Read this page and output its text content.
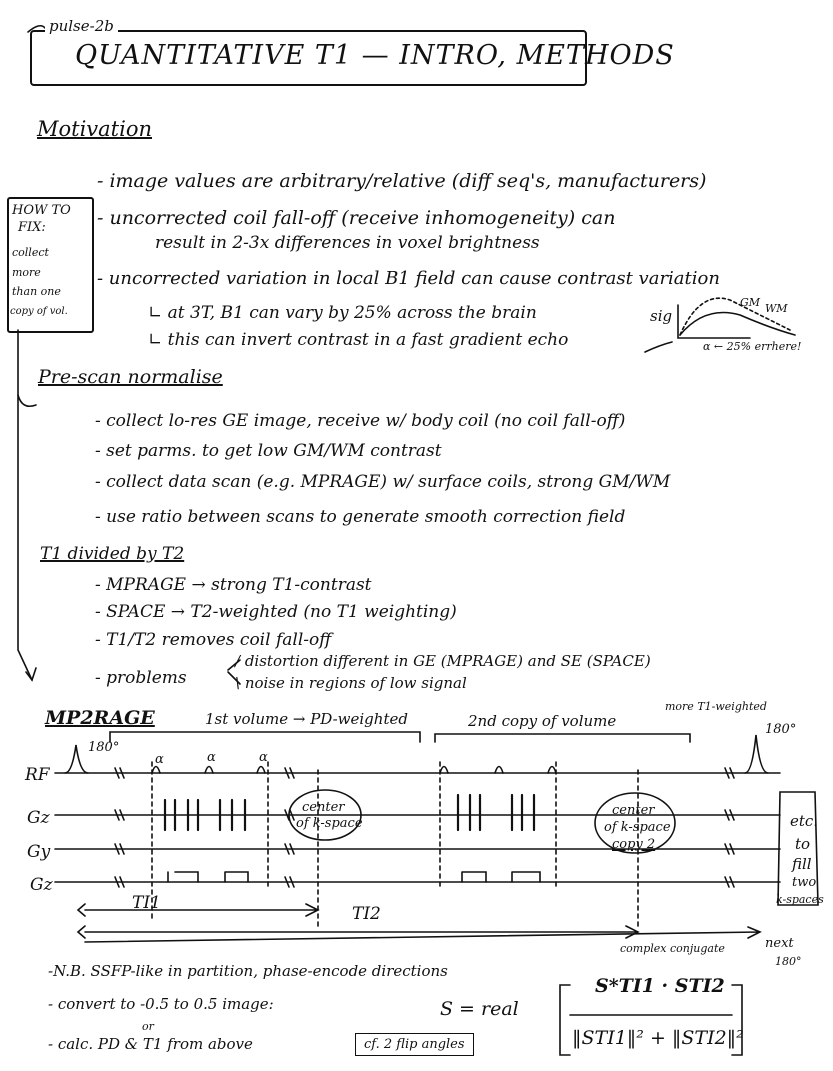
pulse-2b
QUANTITATIVE T1 — INTRO, METHODS
Motivation
- image values are arbitrary/relative (diff seq's, manufacturers)
- uncorrected coil fall-off (receive inhomogeneity) can
result in 2-3x differences in voxel brightness
- uncorrected variation in local B1 field can cause contrast variation
∟ at 3T, B1 can vary by 25% across the brain
∟ this can invert contrast in a fast gradient echo
sig
GM WM
α ← 25% errhere!
HOW TO
FIX:
collect
more
than one
copy of vol.
Pre-scan normalise
- collect lo-res GE image, receive w/ body coil (no coil fall-off)
- set parms. to get low GM/WM contrast
- collect data scan (e.g. MPRAGE) w/ surface coils, strong GM/WM
- use ratio between scans to generate smooth correction field
T1 divided by T2
- MPRAGE → strong T1-contrast
- SPACE → T2-weighted (no T1 weighting)
- T1/T2 removes coil fall-off
- problems
/ distortion different in GE (MPRAGE) and SE (SPACE)
\ noise in regions of low signal
MP2RAGE	1st volume → PD-weighted	2nd copy of volume
more T1-weighted
180°
180°
α	α	α
RF
Gz
Gy
Gz
center
of k-space
center
of k-space
copy 2
etc.
to
fill
two
k-spaces
TI1
TI2
next
180°
-N.B. SSFP-like in partition, phase-encode directions
- convert to -0.5 to 0.5 image:
- calc. PD & T1 from above
or
cf. 2 flip angles
S = real
complex conjugate
S*TI1 · STI2
‖STI1‖² + ‖STI2‖²
